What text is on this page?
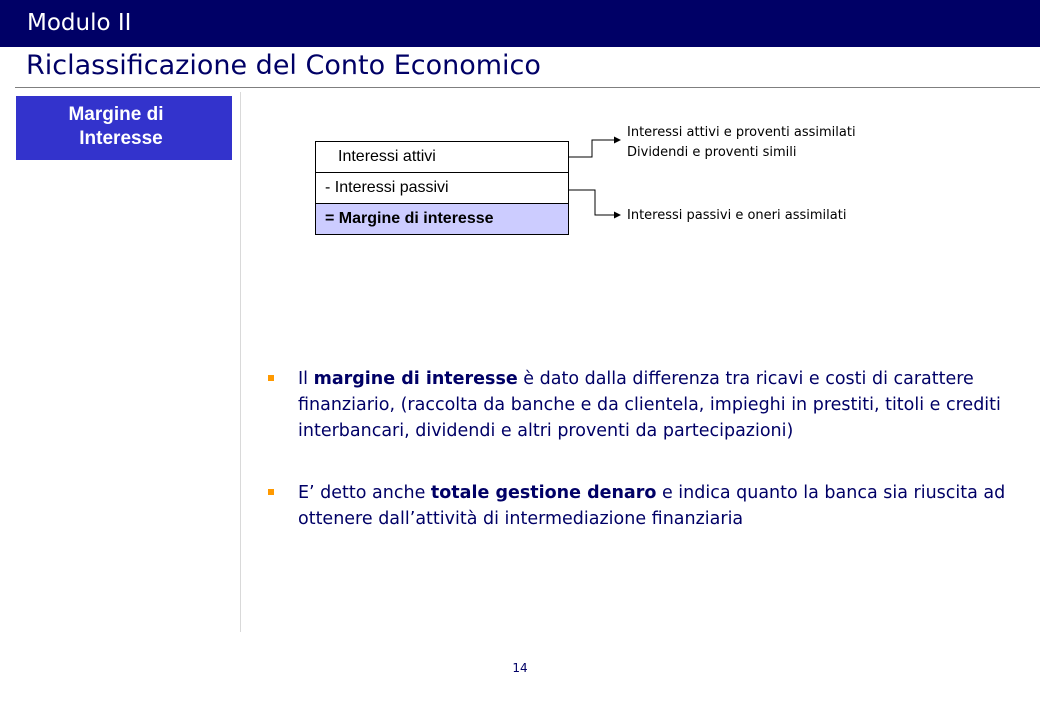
Modulo II
Riclassificazione del Conto Economico
Margine di
Interesse
Interessi attivi
- Interessi passivi
= Margine di interesse
Interessi attivi e proventi assimilati
Dividendi e proventi simili
Interessi passivi e oneri assimilati
Il margine di interesse è dato dalla differenza tra ricavi e costi di carattere finanziario, (raccolta da banche e da clientela, impieghi in prestiti, titoli e crediti interbancari, dividendi e altri proventi da partecipazioni)
E’ detto anche totale gestione denaro e indica quanto la banca sia riuscita ad ottenere dall’attività di intermediazione finanziaria
14
